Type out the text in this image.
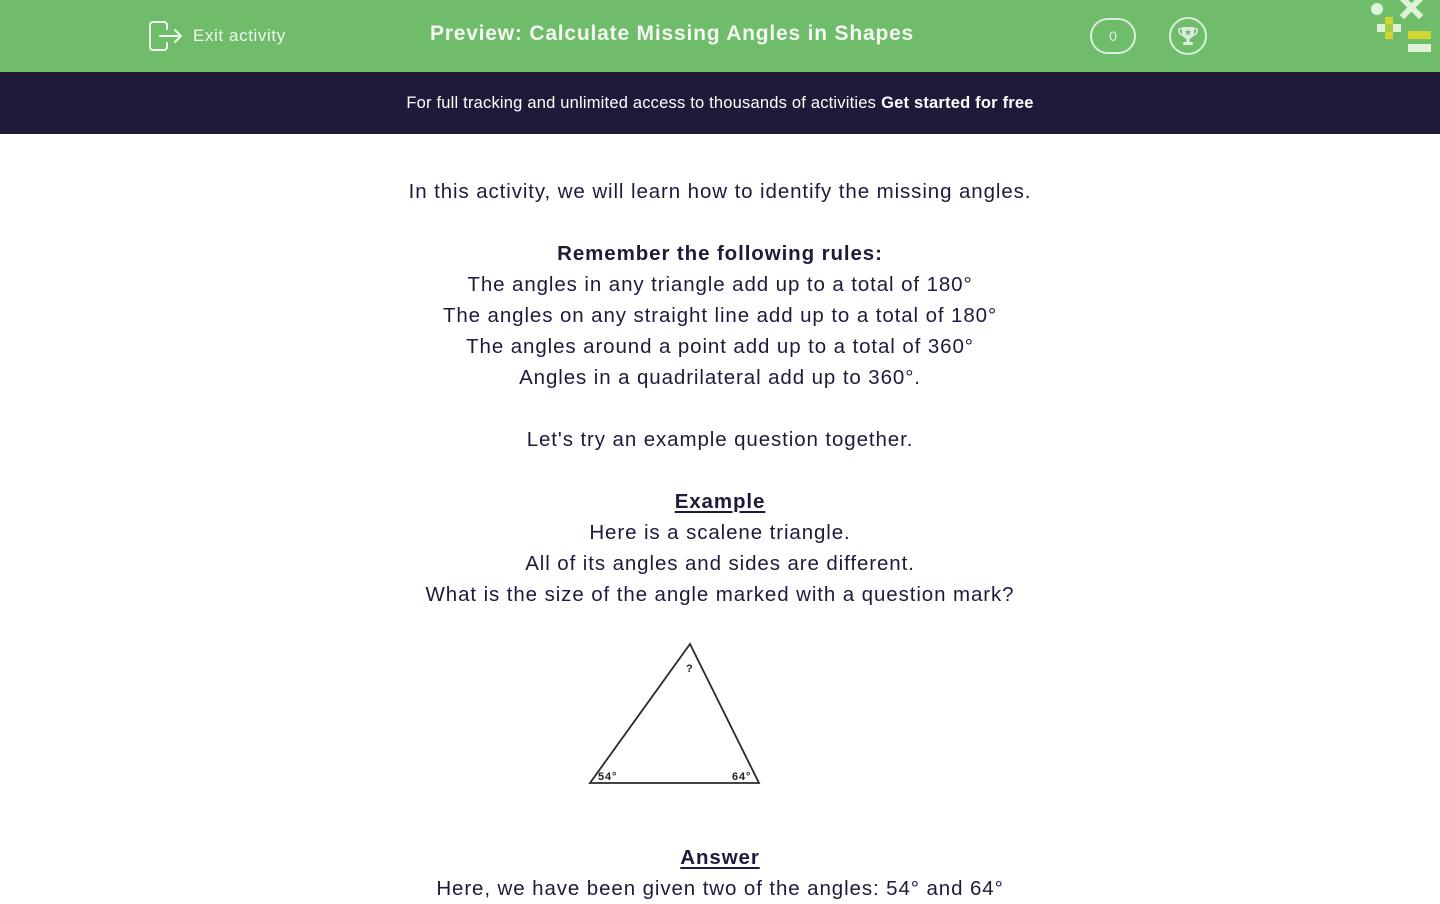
Exit activity	Preview: Calculate Missing Angles in Shapes	0
For full tracking and unlimited access to thousands of activities Get started for free
In this activity, we will learn how to identify the missing angles.
Remember the following rules:
The angles in any triangle add up to a total of 180°
The angles on any straight line add up to a total of 180°
The angles around a point add up to a total of 360°
Angles in a quadrilateral add up to 360°.
Let's try an example question together.
Example
Here is a scalene triangle.
All of its angles and sides are different.
What is the size of the angle marked with a question mark?
?
54°	64°
Answer
Here, we have been given two of the angles: 54° and 64°
